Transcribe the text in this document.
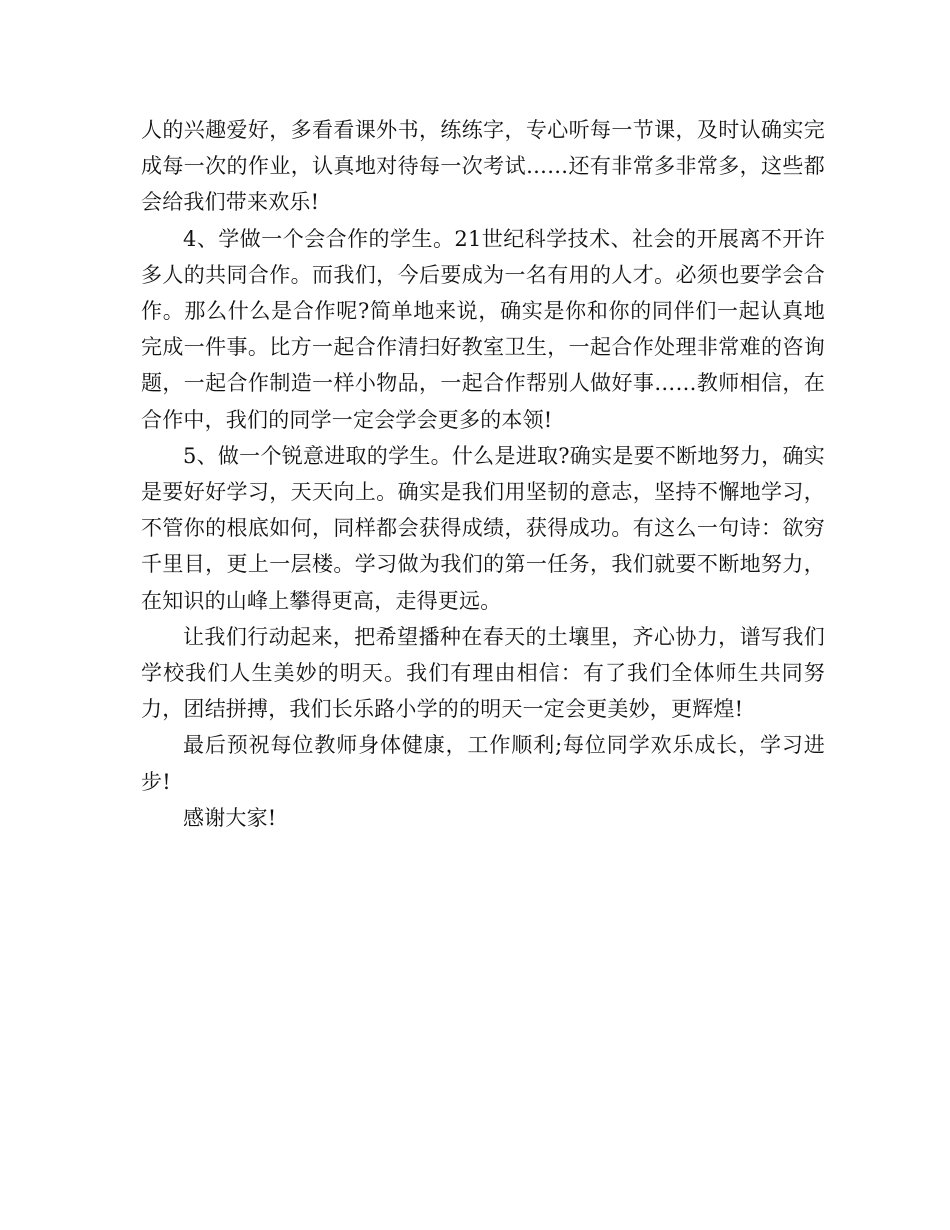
人的兴趣爱好，多看看课外书，练练字，专心听每一节课，及时认确实完成每一次的作业，认真地对待每一次考试……还有非常多非常多，这些都会给我们带来欢乐!

4、学做一个会合作的学生。21世纪科学技术、社会的开展离不开许多人的共同合作。而我们，今后要成为一名有用的人才。必须也要学会合作。那么什么是合作呢?简单地来说，确实是你和你的同伴们一起认真地完成一件事。比方一起合作清扫好教室卫生，一起合作处理非常难的咨询题，一起合作制造一样小物品，一起合作帮别人做好事……教师相信，在合作中，我们的同学一定会学会更多的本领!

5、做一个锐意进取的学生。什么是进取?确实是要不断地努力，确实是要好好学习，天天向上。确实是我们用坚韧的意志，坚持不懈地学习，不管你的根底如何，同样都会获得成绩，获得成功。有这么一句诗：欲穷千里目，更上一层楼。学习做为我们的第一任务，我们就要不断地努力，在知识的山峰上攀得更高，走得更远。

让我们行动起来，把希望播种在春天的土壤里，齐心协力，谱写我们学校我们人生美妙的明天。我们有理由相信：有了我们全体师生共同努力，团结拼搏，我们长乐路小学的的明天一定会更美妙，更辉煌!

最后预祝每位教师身体健康，工作顺利;每位同学欢乐成长，学习进步!

感谢大家!
